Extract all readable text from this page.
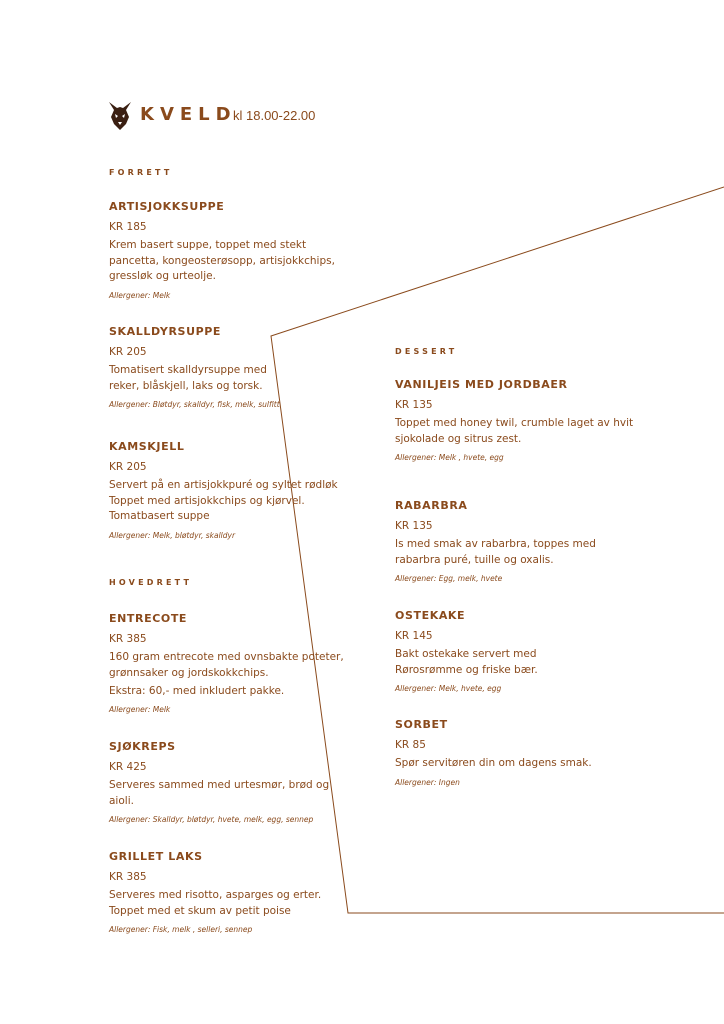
KVELD
kl 18.00-22.00
FORRETT
ARTISJOKKSUPPE
KR 185
Krem basert suppe, toppet med stekt
pancetta, kongeosterøsopp, artisjokkchips,
gressløk og urteolje.
Allergener: Melk
SKALLDYRSUPPE
KR 205
Tomatisert skalldyrsuppe med
reker, blåskjell, laks og torsk.
Allergener: Bløtdyr, skalldyr, fisk, melk, sulfitt
KAMSKJELL
KR 205
Servert på en artisjokkpuré og syltet rødløk
Toppet med artisjokkchips og kjørvel.
Tomatbasert suppe
Allergener: Melk, bløtdyr, skalldyr
HOVEDRETT
ENTRECOTE
KR 385
160 gram entrecote med ovnsbakte poteter,
grønnsaker og jordskokkchips.
Ekstra: 60,- med inkludert pakke.
Allergener: Melk
SJØKREPS
KR 425
Serveres sammed med urtesmør, brød og
aioli.
Allergener: Skalldyr, bløtdyr, hvete, melk, egg, sennep
GRILLET LAKS
KR 385
Serveres med risotto, asparges og erter.
Toppet med et skum av petit poise
Allergener: Fisk, melk , selleri, sennep
DESSERT
VANILJEIS MED JORDBAER
KR 135
Toppet med honey twil, crumble laget av hvit
sjokolade og sitrus zest.
Allergener: Melk , hvete, egg
RABARBRA
KR 135
Is med smak av rabarbra, toppes med
rabarbra puré, tuille og oxalis.
Allergener: Egg, melk, hvete
OSTEKAKE
KR 145
Bakt ostekake servert med
Rørosrømme og friske bær.
Allergener: Melk, hvete, egg
SORBET
KR 85
Spør servitøren din om dagens smak.
Allergener: Ingen
